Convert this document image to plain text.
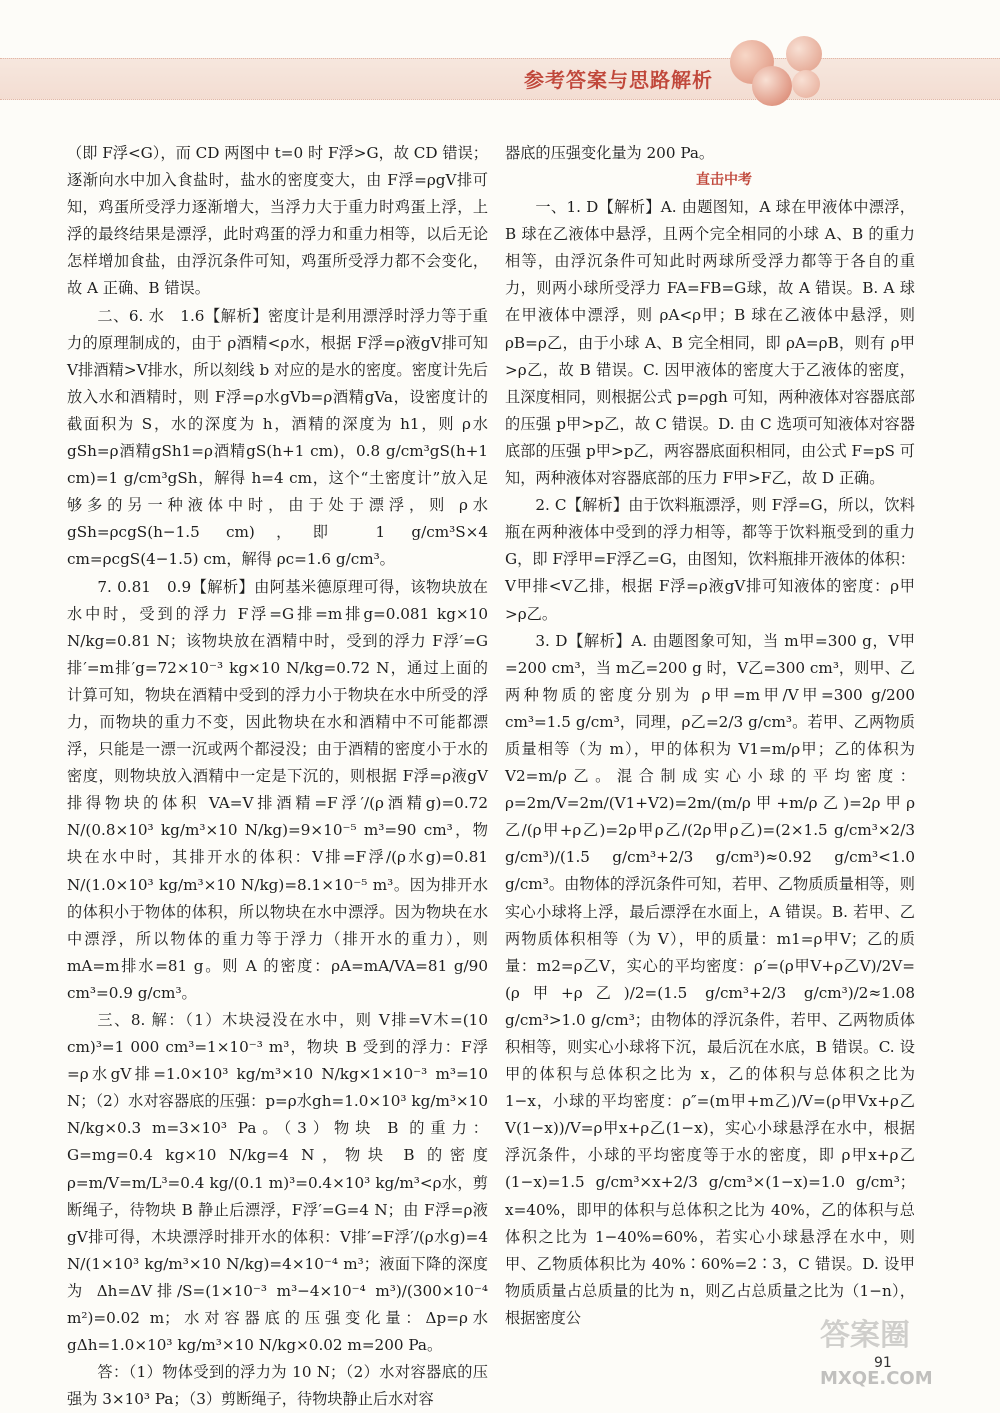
参考答案与思路解析

（即 F浮<G），而 CD 两图中 t=0 时 F浮>G，故 CD 错误；逐渐向水中加入食盐时，盐水的密度变大，由 F浮=ρgV排可知，鸡蛋所受浮力逐渐增大，当浮力大于重力时鸡蛋上浮，上浮的最终结果是漂浮，此时鸡蛋的浮力和重力相等，以后无论怎样增加食盐，由浮沉条件可知，鸡蛋所受浮力都不会变化，故 A 正确、B 错误。

二、6. 水　1.6【解析】密度计是利用漂浮时浮力等于重力的原理制成的，由于 ρ酒精<ρ水，根据 F浮=ρ液gV排可知 V排酒精>V排水，所以刻线 b 对应的是水的密度。密度计先后放入水和酒精时，则 F浮=ρ水gVb=ρ酒精gVa，设密度计的截面积为 S，水的深度为 h，酒精的深度为 h1，则 ρ水gSh=ρ酒精gSh1=ρ酒精gS(h+1 cm)，0.8 g/cm³gS(h+1 cm)=1 g/cm³gSh，解得 h=4 cm，这个“土密度计”放入足够多的另一种液体中时，由于处于漂浮，则 ρ水gSh=ρcgS(h−1.5 cm)，即 1 g/cm³S×4 cm=ρcgS(4−1.5) cm，解得 ρc=1.6 g/cm³。

7. 0.81　0.9【解析】由阿基米德原理可得，该物块放在水中时，受到的浮力 F浮=G排=m排g=0.081 kg×10 N/kg=0.81 N；该物块放在酒精中时，受到的浮力 F浮′=G排′=m排′g=72×10⁻³ kg×10 N/kg=0.72 N，通过上面的计算可知，物块在酒精中受到的浮力小于物块在水中所受的浮力，而物块的重力不变，因此物块在水和酒精中不可能都漂浮，只能是一漂一沉或两个都浸没；由于酒精的密度小于水的密度，则物块放入酒精中一定是下沉的，则根据 F浮=ρ液gV排得物块的体积 VA=V排酒精=F浮′/(ρ酒精g)=0.72 N/(0.8×10³ kg/m³×10 N/kg)=9×10⁻⁵ m³=90 cm³，物块在水中时，其排开水的体积：V排=F浮/(ρ水g)=0.81 N/(1.0×10³ kg/m³×10 N/kg)=8.1×10⁻⁵ m³。因为排开水的体积小于物体的体积，所以物块在水中漂浮。因为物块在水中漂浮，所以物体的重力等于浮力（排开水的重力），则 mA=m排水=81 g。则 A 的密度：ρA=mA/VA=81 g/90 cm³=0.9 g/cm³。

三、8. 解：（1）木块浸没在水中，则 V排=V木=(10 cm)³=1 000 cm³=1×10⁻³ m³，物块 B 受到的浮力：F浮=ρ水gV排=1.0×10³ kg/m³×10 N/kg×1×10⁻³ m³=10 N；（2）水对容器底的压强：p=ρ水gh=1.0×10³ kg/m³×10 N/kg×0.3 m=3×10³ Pa。（3）物块 B 的重力：G=mg=0.4 kg×10 N/kg=4 N，物块 B 的密度 ρ=m/V=m/L³=0.4 kg/(0.1 m)³=0.4×10³ kg/m³<ρ水，剪断绳子，待物块 B 静止后漂浮，F浮′=G=4 N；由 F浮=ρ液gV排可得，木块漂浮时排开水的体积：V排′=F浮′/(ρ水g)=4 N/(1×10³ kg/m³×10 N/kg)=4×10⁻⁴ m³；液面下降的深度为 Δh=ΔV排/S=(1×10⁻³ m³−4×10⁻⁴ m³)/(300×10⁻⁴ m²)=0.02 m；水对容器底的压强变化量：Δp=ρ水gΔh=1.0×10³ kg/m³×10 N/kg×0.02 m=200 Pa。

答：（1）物体受到的浮力为 10 N；（2）水对容器底的压强为 3×10³ Pa；（3）剪断绳子，待物块静止后水对容

器底的压强变化量为 200 Pa。

直击中考

一、1. D【解析】A. 由题图知，A 球在甲液体中漂浮，B 球在乙液体中悬浮，且两个完全相同的小球 A、B 的重力相等，由浮沉条件可知此时两球所受浮力都等于各自的重力，则两小球所受浮力 FA=FB=G球，故 A 错误。B. A 球在甲液体中漂浮，则 ρA<ρ甲；B 球在乙液体中悬浮，则 ρB=ρ乙，由于小球 A、B 完全相同，即 ρA=ρB，则有 ρ甲>ρ乙，故 B 错误。C. 因甲液体的密度大于乙液体的密度，且深度相同，则根据公式 p=ρgh 可知，两种液体对容器底部的压强 p甲>p乙，故 C 错误。D. 由 C 选项可知液体对容器底部的压强 p甲>p乙，两容器底面积相同，由公式 F=pS 可知，两种液体对容器底部的压力 F甲>F乙，故 D 正确。

2. C【解析】由于饮料瓶漂浮，则 F浮=G，所以，饮料瓶在两种液体中受到的浮力相等，都等于饮料瓶受到的重力 G，即 F浮甲=F浮乙=G，由图知，饮料瓶排开液体的体积：V甲排<V乙排，根据 F浮=ρ液gV排可知液体的密度：ρ甲>ρ乙。

3. D【解析】A. 由题图象可知，当 m甲=300 g，V甲=200 cm³，当 m乙=200 g 时，V乙=300 cm³，则甲、乙两种物质的密度分别为 ρ甲=m甲/V甲=300 g/200 cm³=1.5 g/cm³，同理，ρ乙=2/3 g/cm³。若甲、乙两物质质量相等（为 m），甲的体积为 V1=m/ρ甲；乙的体积为 V2=m/ρ乙。混合制成实心小球的平均密度：ρ=2m/V=2m/(V1+V2)=2m/(m/ρ甲+m/ρ乙)=2ρ甲ρ乙/(ρ甲+ρ乙)=2ρ甲ρ乙/(2ρ甲ρ乙)=(2×1.5 g/cm³×2/3 g/cm³)/(1.5 g/cm³+2/3 g/cm³)≈0.92 g/cm³<1.0 g/cm³。由物体的浮沉条件可知，若甲、乙物质质量相等，则实心小球将上浮，最后漂浮在水面上，A 错误。B. 若甲、乙两物质体积相等（为 V），甲的质量：m1=ρ甲V；乙的质量：m2=ρ乙V，实心的平均密度：ρ′=(ρ甲V+ρ乙V)/2V=(ρ甲+ρ乙)/2=(1.5 g/cm³+2/3 g/cm³)/2≈1.08 g/cm³>1.0 g/cm³；由物体的浮沉条件，若甲、乙两物质体积相等，则实心小球将下沉，最后沉在水底，B 错误。C. 设甲的体积与总体积之比为 x，乙的体积与总体积之比为 1−x，小球的平均密度：ρ″=(m甲+m乙)/V=(ρ甲Vx+ρ乙V(1−x))/V=ρ甲x+ρ乙(1−x)，实心小球悬浮在水中，根据浮沉条件，小球的平均密度等于水的密度，即 ρ甲x+ρ乙(1−x)=1.5 g/cm³×x+2/3 g/cm³×(1−x)=1.0 g/cm³；x=40%，即甲的体积与总体积之比为 40%，乙的体积与总体积之比为 1−40%=60%，若实心小球悬浮在水中，则甲、乙物质体积比为 40%∶60%=2∶3，C 错误。D. 设甲物质质量占总质量的比为 n，则乙占总质量之比为（1−n），根据密度公

答案圈
MXQE.COM
91
